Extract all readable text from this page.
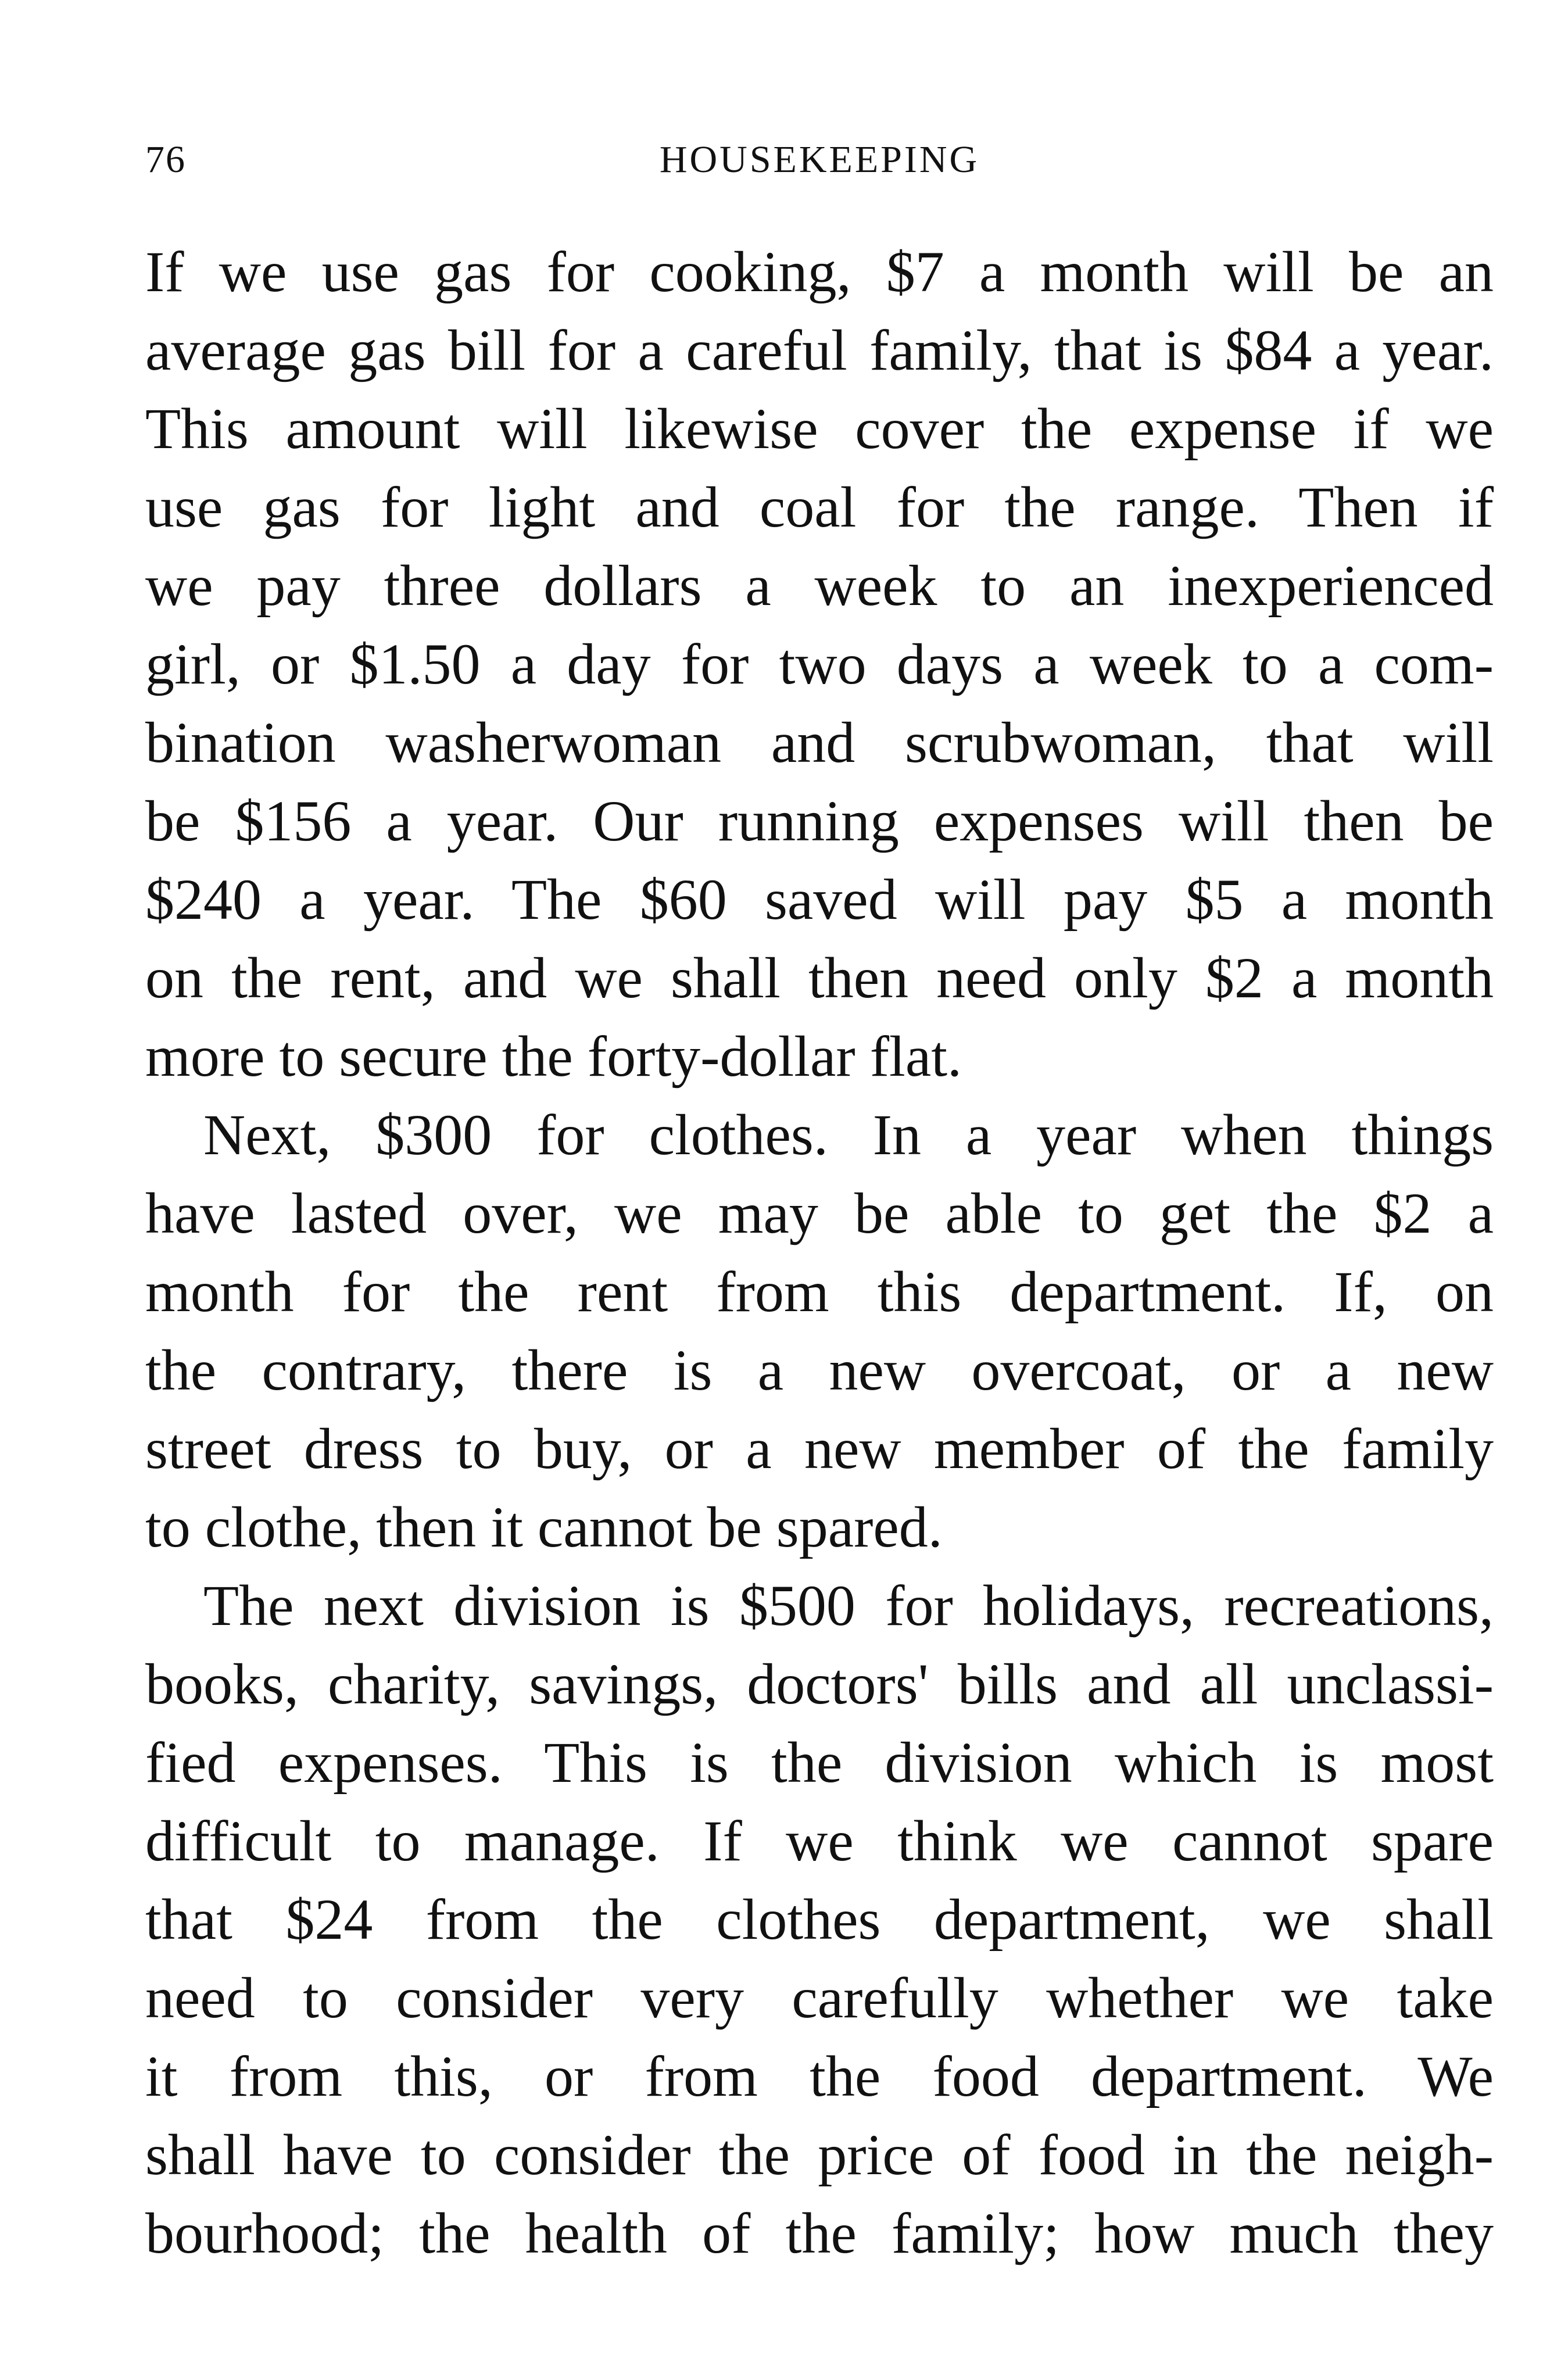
76	HOUSEKEEPING
If we use gas for cooking, $7 a month will be an
average gas bill for a careful family, that is $84 a year.
This amount will likewise cover the expense if we
use gas for light and coal for the range. Then if
we pay three dollars a week to an inexperienced
girl, or $1.50 a day for two days a week to a com-
bination washerwoman and scrubwoman, that will
be $156 a year. Our running expenses will then be
$240 a year. The $60 saved will pay $5 a month
on the rent, and we shall then need only $2 a month
more to secure the forty-dollar flat.
Next, $300 for clothes. In a year when things
have lasted over, we may be able to get the $2 a
month for the rent from this department. If, on
the contrary, there is a new overcoat, or a new
street dress to buy, or a new member of the family
to clothe, then it cannot be spared.
The next division is $500 for holidays, recreations,
books, charity, savings, doctors' bills and all unclassi-
fied expenses. This is the division which is most
difficult to manage. If we think we cannot spare
that $24 from the clothes department, we shall
need to consider very carefully whether we take
it from this, or from the food department. We
shall have to consider the price of food in the neigh-
bourhood; the health of the family; how much they
